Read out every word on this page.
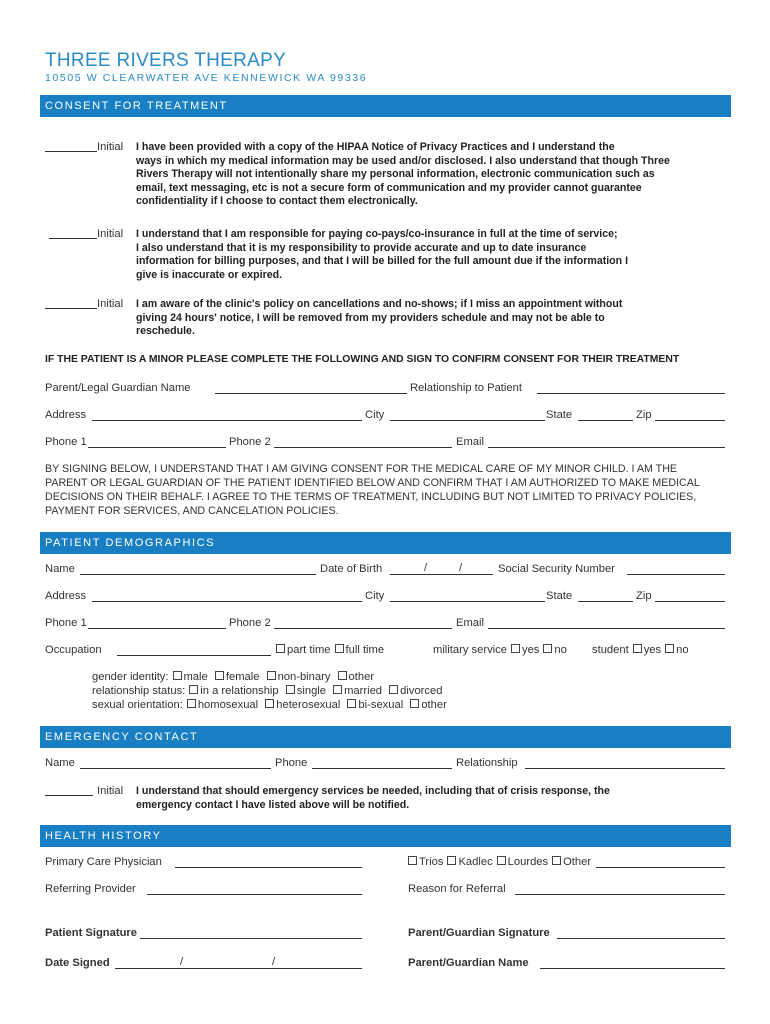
THREE RIVERS THERAPY
10505 W CLEARWATER AVE KENNEWICK WA 99336
CONSENT FOR TREATMENT
Initial I have been provided with a copy of the HIPAA Notice of Privacy Practices and I understand the
ways in which my medical information may be used and/or disclosed. I also understand that though Three
Rivers Therapy will not intentionally share my personal information, electronic communication such as
email, text messaging, etc is not a secure form of communication and my provider cannot guarantee
confidentiality if I choose to contact them electronically.
Initial I understand that I am responsible for paying co-pays/co-insurance in full at the time of service;
I also understand that it is my responsibility to provide accurate and up to date insurance
information for billing purposes, and that I will be billed for the full amount due if the information I
give is inaccurate or expired.
Initial I am aware of the clinic's policy on cancellations and no-shows; if I miss an appointment without
giving 24 hours' notice, I will be removed from my providers schedule and may not be able to
reschedule.
IF THE PATIENT IS A MINOR PLEASE COMPLETE THE FOLLOWING AND SIGN TO CONFIRM CONSENT FOR THEIR TREATMENT
Parent/Legal Guardian Name	Relationship to Patient
Address	City	State	Zip
Phone 1	Phone 2	Email
BY SIGNING BELOW, I UNDERSTAND THAT I AM GIVING CONSENT FOR THE MEDICAL CARE OF MY MINOR CHILD. I AM THE
PARENT OR LEGAL GUARDIAN OF THE PATIENT IDENTIFIED BELOW AND CONFIRM THAT I AM AUTHORIZED TO MAKE MEDICAL
DECISIONS ON THEIR BEHALF. I AGREE TO THE TERMS OF TREATMENT, INCLUDING BUT NOT LIMITED TO PRIVACY POLICIES,
PAYMENT FOR SERVICES, AND CANCELATION POLICIES.
PATIENT DEMOGRAPHICS
Name	Date of Birth	/	/	Social Security Number
Address	City	State	Zip
Phone 1	Phone 2	Email
Occupation	part time full time	military service yes no student yes no
gender identity: male female non-binary other
relationship status: in a relationship single married divorced
sexual orientation: homosexual heterosexual bi-sexual other
EMERGENCY CONTACT
Name	Phone	Relationship
Initial I understand that should emergency services be needed, including that of crisis response, the
emergency contact I have listed above will be notified.
HEALTH HISTORY
Primary Care Physician	Trios Kadlec Lourdes Other
Referring Provider	Reason for Referral
Patient Signature	Parent/Guardian Signature
Date Signed	/	/	Parent/Guardian Name
